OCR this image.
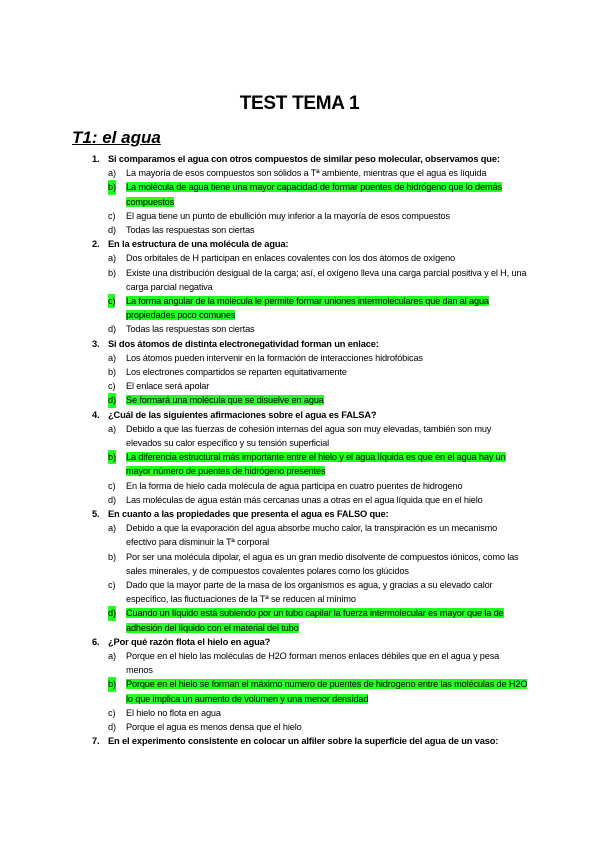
TEST TEMA 1
T1: el agua
1. Si comparamos el agua con otros compuestos de similar peso molecular, observamos que:
a) La mayoría de esos compuestos son sólidos a Tª ambiente, mientras que el agua es líquida
b) La molécula de agua tiene una mayor capacidad de formar puentes de hidrógeno que lo demás compuestos
c) El agua tiene un punto de ebullición muy inferior a la mayoría de esos compuestos
d) Todas las respuestas son ciertas
2. En la estructura de una molécula de agua:
a) Dos orbitales de H participan en enlaces covalentes con los dos átomos de oxígeno
b) Existe una distribución desigual de la carga; así, el oxígeno lleva una carga parcial positiva y el H, una carga parcial negativa
c) La forma angular de la molécula le permite formar uniones intermoleculares que dan al agua propiedades poco comunes
d) Todas las respuestas son ciertas
3. Si dos átomos de distinta electronegatividad forman un enlace:
a) Los átomos pueden intervenir en la formación de interacciones hidrofóbicas
b) Los electrones compartidos se reparten equitativamente
c) El enlace será apolar
d) Se formará una molécula que se disuelve en agua
4. ¿Cuál de las siguientes afirmaciones sobre el agua es FALSA?
a) Debido a que las fuerzas de cohesión internas del agua son muy elevadas, también son muy elevados su calor específico y su tensión superficial
b) La diferencia estructural más importante entre el hielo y el agua líquida es que en el agua hay un mayor número de puentes de hidrógeno presentes
c) En la forma de hielo cada molécula de agua participa en cuatro puentes de hidrogeno
d) Las moléculas de agua están más cercanas unas a otras en el agua líquida que en el hielo
5. En cuanto a las propiedades que presenta el agua es FALSO que:
a) Debido a que la evaporación del agua absorbe mucho calor, la transpiración es un mecanismo efectivo para disminuir la Tª corporal
b) Por ser una molécula dipolar, el agua es un gran medio disolvente de compuestos iónicos, como las sales minerales, y de compuestos covalentes polares como los glúcidos
c) Dado que la mayor parte de la masa de los organismos es agua, y gracias a su elevado calor específico, las fluctuaciones de la Tª se reducen al mínimo
d) Cuando un líquido está subiendo por un tubo capilar la fuerza intermolecular es mayor que la de adhesión del líquido con el material del tubo
6. ¿Por qué razón flota el hielo en agua?
a) Porque en el hielo las moléculas de H2O forman menos enlaces débiles que en el agua y pesa menos
b) Porque en el hielo se forman el máximo numero de puentes de hidrogeno entre las moléculas de H2O lo que implica un aumento de volumen y una menor densidad
c) El hielo no flota en agua
d) Porque el agua es menos densa que el hielo
7. En el experimento consistente en colocar un alfiler sobre la superficie del agua de un vaso:
